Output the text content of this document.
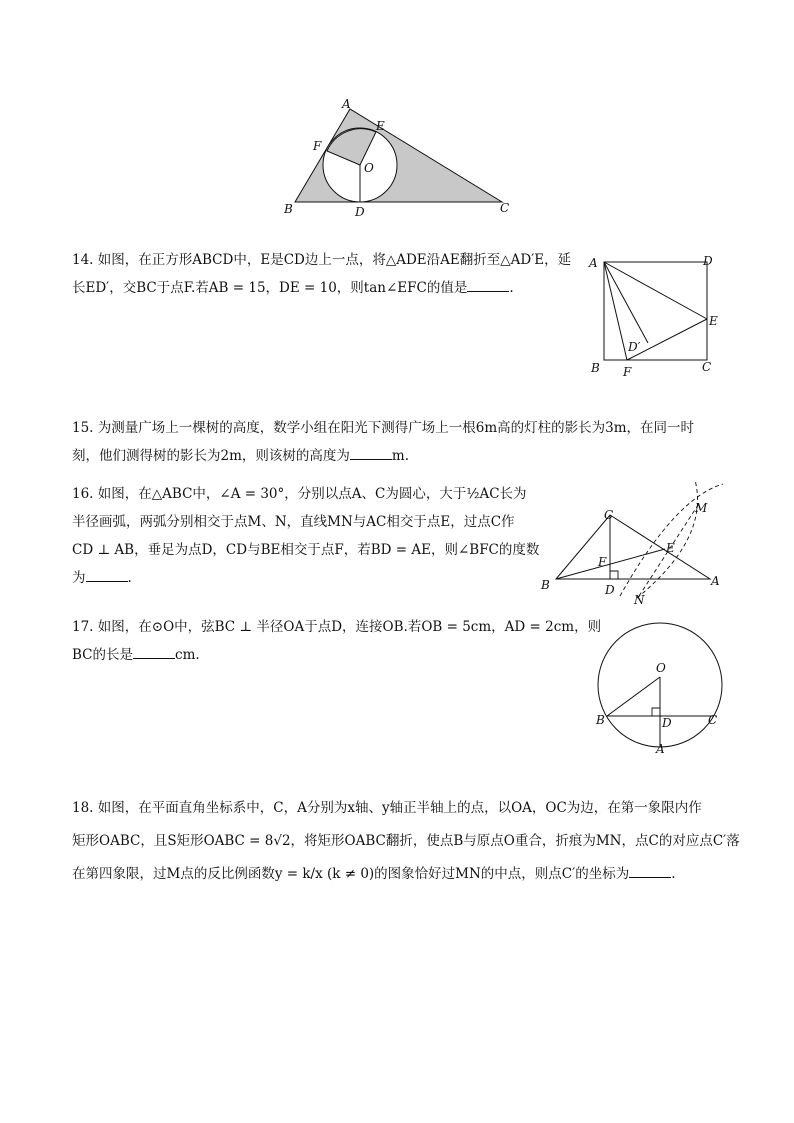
A
E
F
O
B	D	C
14. 如图，在正方形ABCD中，E是CD边上一点，将△ADE沿AE翻折至△AD′E，延
长ED′，交BC于点F.若AB = 15，DE = 10，则tan∠EFC的值是	.
A	D
E
D′
B F	C
15. 为测量广场上一棵树的高度，数学小组在阳光下测得广场上一根6m高的灯柱的影长为3m，在同一时
刻，他们测得树的影长为2m，则该树的高度为	m.
16. 如图，在△ABC中，∠A = 30°，分别以点A、C为圆心，大于½AC长为
半径画弧，两弧分别相交于点M、N，直线MN与AC相交于点E，过点C作
CD ⊥ AB，垂足为点D，CD与BE相交于点F，若BD = AE，则∠BFC的度数
为	.
C	M
E
F
B	D
N
A
17. 如图，在⊙O中，弦BC ⊥ 半径OA于点D，连接OB.若OB = 5cm，AD = 2cm，则
BC的长是	cm.
O
B	D	C
A
18. 如图，在平面直角坐标系中，C，A分别为x轴、y轴正半轴上的点，以OA，OC为边，在第一象限内作
矩形OABC，且S矩形OABC = 8√2，将矩形OABC翻折，使点B与原点O重合，折痕为MN，点C的对应点C′落
在第四象限，过M点的反比例函数y = k/x (k ≠ 0)的图象恰好过MN的中点，则点C′的坐标为	.
